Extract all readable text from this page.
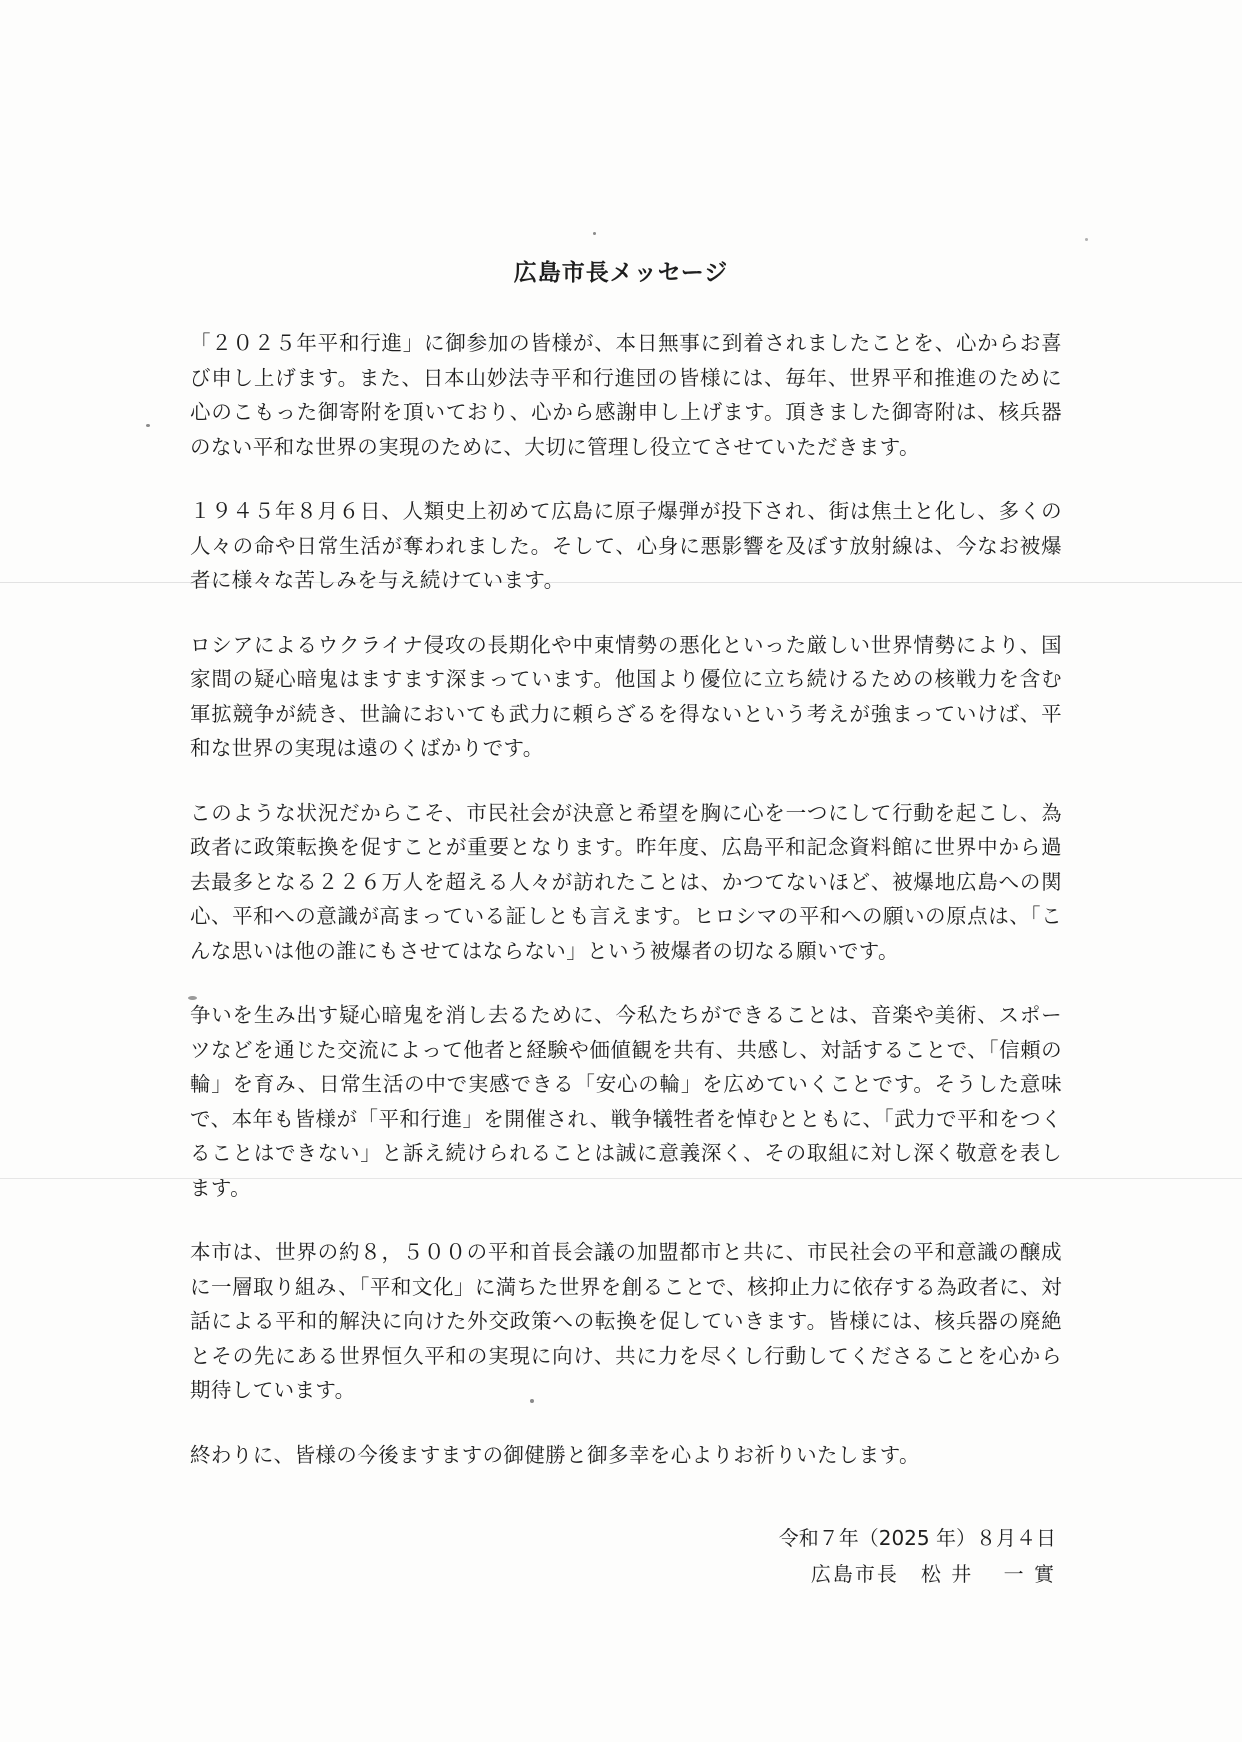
広島市長メッセージ

「２０２５年平和行進」に御参加の皆様が、本日無事に到着されましたことを、心からお喜び申し上げます。また、日本山妙法寺平和行進団の皆様には、毎年、世界平和推進のために心のこもった御寄附を頂いており、心から感謝申し上げます。頂きました御寄附は、核兵器のない平和な世界の実現のために、大切に管理し役立てさせていただきます。

１９４５年８月６日、人類史上初めて広島に原子爆弾が投下され、街は焦土と化し、多くの人々の命や日常生活が奪われました。そして、心身に悪影響を及ぼす放射線は、今なお被爆者に様々な苦しみを与え続けています。

ロシアによるウクライナ侵攻の長期化や中東情勢の悪化といった厳しい世界情勢により、国家間の疑心暗鬼はますます深まっています。他国より優位に立ち続けるための核戦力を含む軍拡競争が続き、世論においても武力に頼らざるを得ないという考えが強まっていけば、平和な世界の実現は遠のくばかりです。

このような状況だからこそ、市民社会が決意と希望を胸に心を一つにして行動を起こし、為政者に政策転換を促すことが重要となります。昨年度、広島平和記念資料館に世界中から過去最多となる２２６万人を超える人々が訪れたことは、かつてないほど、被爆地広島への関心、平和への意識が高まっている証しとも言えます。ヒロシマの平和への願いの原点は、「こんな思いは他の誰にもさせてはならない」という被爆者の切なる願いです。

争いを生み出す疑心暗鬼を消し去るために、今私たちができることは、音楽や美術、スポーツなどを通じた交流によって他者と経験や価値観を共有、共感し、対話することで、「信頼の輪」を育み、日常生活の中で実感できる「安心の輪」を広めていくことです。そうした意味で、本年も皆様が「平和行進」を開催され、戦争犠牲者を悼むとともに、「武力で平和をつくることはできない」と訴え続けられることは誠に意義深く、その取組に対し深く敬意を表します。

本市は、世界の約８，５００の平和首長会議の加盟都市と共に、市民社会の平和意識の醸成に一層取り組み、「平和文化」に満ちた世界を創ることで、核抑止力に依存する為政者に、対話による平和的解決に向けた外交政策への転換を促していきます。皆様には、核兵器の廃絶とその先にある世界恒久平和の実現に向け、共に力を尽くし行動してくださることを心から期待しています。

終わりに、皆様の今後ますますの御健勝と御多幸を心よりお祈りいたします。

令和７年（2025 年）８月４日
広島市長　松 井　 一 實
